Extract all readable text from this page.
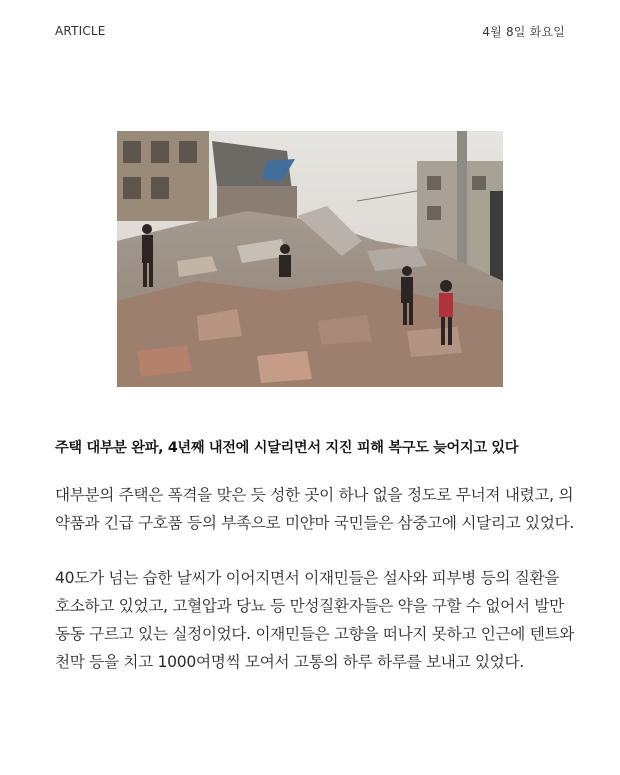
ARTICLE	4월 8일 화요일
주택 대부분 완파, 4년째 내전에 시달리면서 지진 피해 복구도 늦어지고 있다

대부분의 주택은 폭격을 맞은 듯 성한 곳이 하나 없을 정도로 무너져 내렸고, 의약품과 긴급 구호품 등의 부족으로 미얀마 국민들은 삼중고에 시달리고 있었다.

40도가 넘는 습한 날씨가 이어지면서 이재민들은 설사와 피부병 등의 질환을 호소하고 있었고, 고혈압과 당뇨 등 만성질환자들은 약을 구할 수 없어서 발만 동동 구르고 있는 실정이었다. 이재민들은 고향을 떠나지 못하고 인근에 텐트와 천막 등을 치고 1000여명씩 모여서 고통의 하루 하루를 보내고 있었다.
